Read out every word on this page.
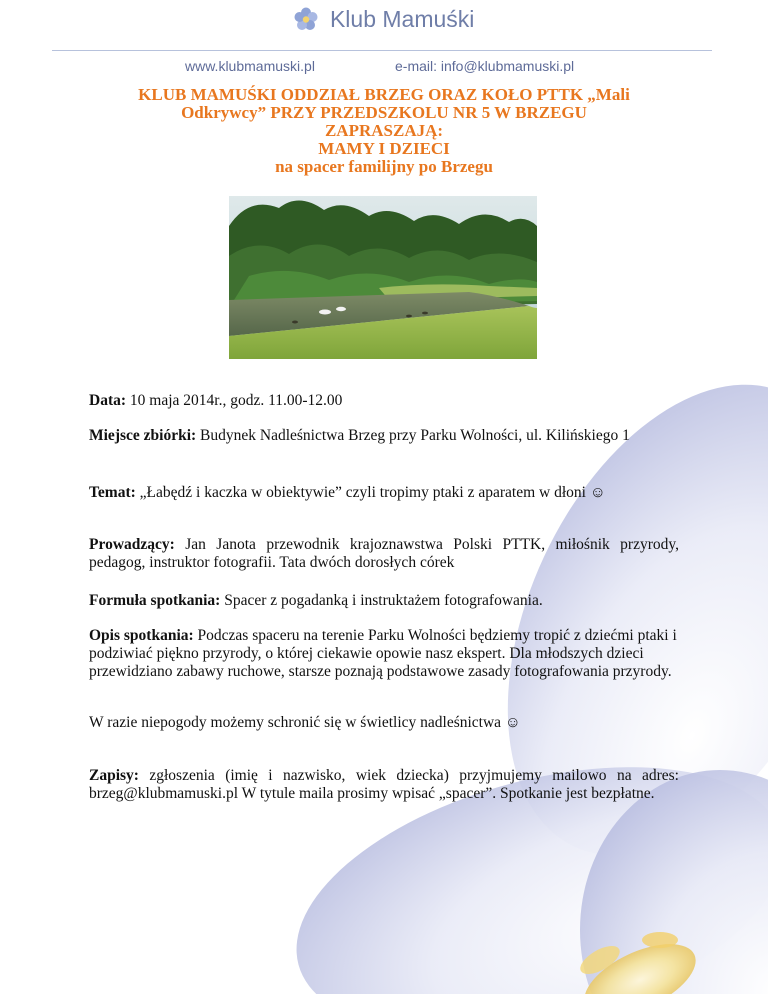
Klub Mamuśki
www.klubmamuski.pl	e-mail: info@klubmamuski.pl
KLUB MAMUŚKI ODDZIAŁ BRZEG ORAZ KOŁO PTTK „Mali
Odkrywcy” PRZY PRZEDSZKOLU NR 5 W BRZEGU
ZAPRASZAJĄ:
MAMY I DZIECI
na spacer familijny po Brzegu
Data: 10 maja 2014r., godz. 11.00-12.00
Miejsce zbiórki: Budynek Nadleśnictwa Brzeg przy Parku Wolności, ul. Kilińskiego 1
Temat: „Łabędź i kaczka w obiektywie” czyli tropimy ptaki z aparatem w dłoni ☺
Prowadzący: Jan Janota przewodnik krajoznawstwa Polski PTTK, miłośnik przyrody, pedagog, instruktor fotografii. Tata dwóch dorosłych córek
Formuła spotkania: Spacer z pogadanką i instruktażem fotografowania.
Opis spotkania: Podczas spaceru na terenie Parku Wolności będziemy tropić z dziećmi ptaki i podziwiać piękno przyrody, o której ciekawie opowie nasz ekspert. Dla młodszych dzieci przewidziano zabawy ruchowe, starsze poznają podstawowe zasady fotografowania przyrody.
W razie niepogody możemy schronić się w świetlicy nadleśnictwa ☺
Zapisy: zgłoszenia (imię i nazwisko, wiek dziecka) przyjmujemy mailowo na adres: brzeg@klubmamuski.pl W tytule maila prosimy wpisać „spacer”. Spotkanie jest bezpłatne.
